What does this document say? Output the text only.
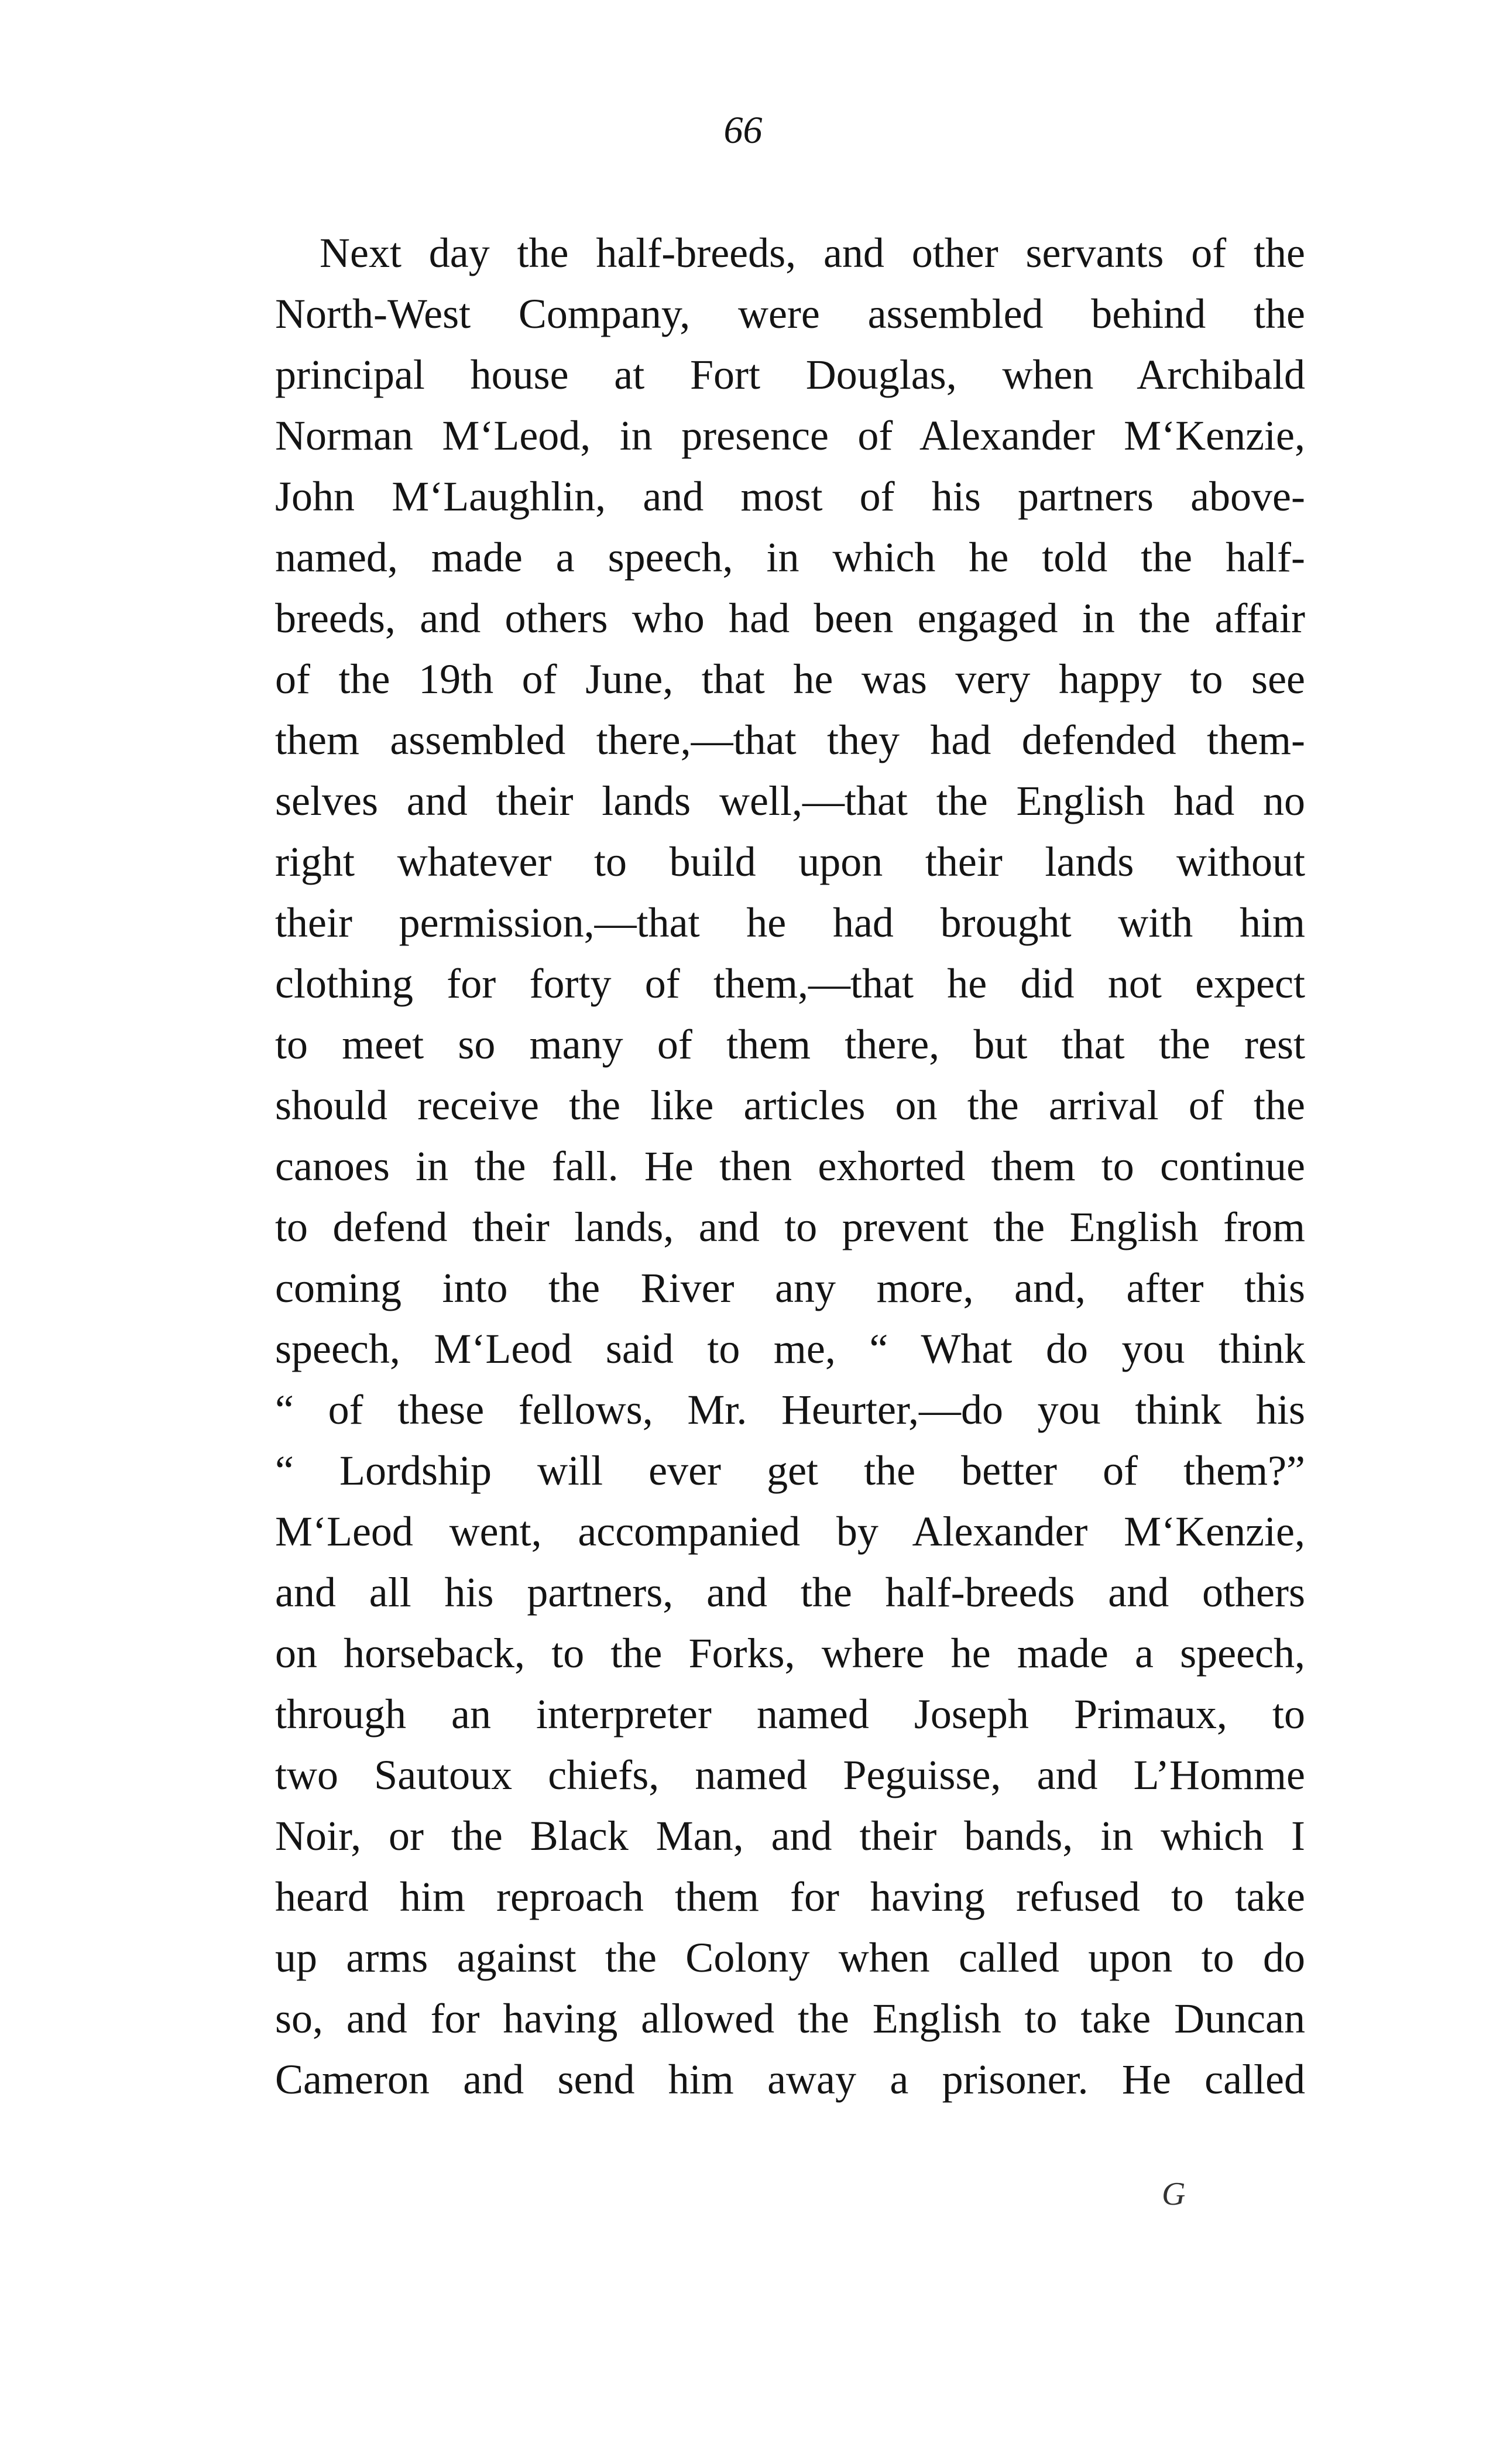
66
Next day the half-breeds, and other servants of the
North-West Company, were assembled behind the
principal house at Fort Douglas, when Archibald
Norman M‘Leod, in presence of Alexander M‘Kenzie,
John M‘Laughlin, and most of his partners above-
named, made a speech, in which he told the half-
breeds, and others who had been engaged in the affair
of the 19th of June, that he was very happy to see
them assembled there,—that they had defended them-
selves and their lands well,—that the English had no
right whatever to build upon their lands without
their permission,—that he had brought with him
clothing for forty of them,—that he did not expect
to meet so many of them there, but that the rest
should receive the like articles on the arrival of the
canoes in the fall. He then exhorted them to continue
to defend their lands, and to prevent the English from
coming into the River any more, and, after this
speech, M‘Leod said to me, “ What do you think
“ of these fellows, Mr. Heurter,—do you think his
“ Lordship will ever get the better of them?”
M‘Leod went, accompanied by Alexander M‘Kenzie,
and all his partners, and the half-breeds and others
on horseback, to the Forks, where he made a speech,
through an interpreter named Joseph Primaux, to
two Sautoux chiefs, named Peguisse, and L’Homme
Noir, or the Black Man, and their bands, in which I
heard him reproach them for having refused to take
up arms against the Colony when called upon to do
so, and for having allowed the English to take Duncan
Cameron and send him away a prisoner. He called
G
